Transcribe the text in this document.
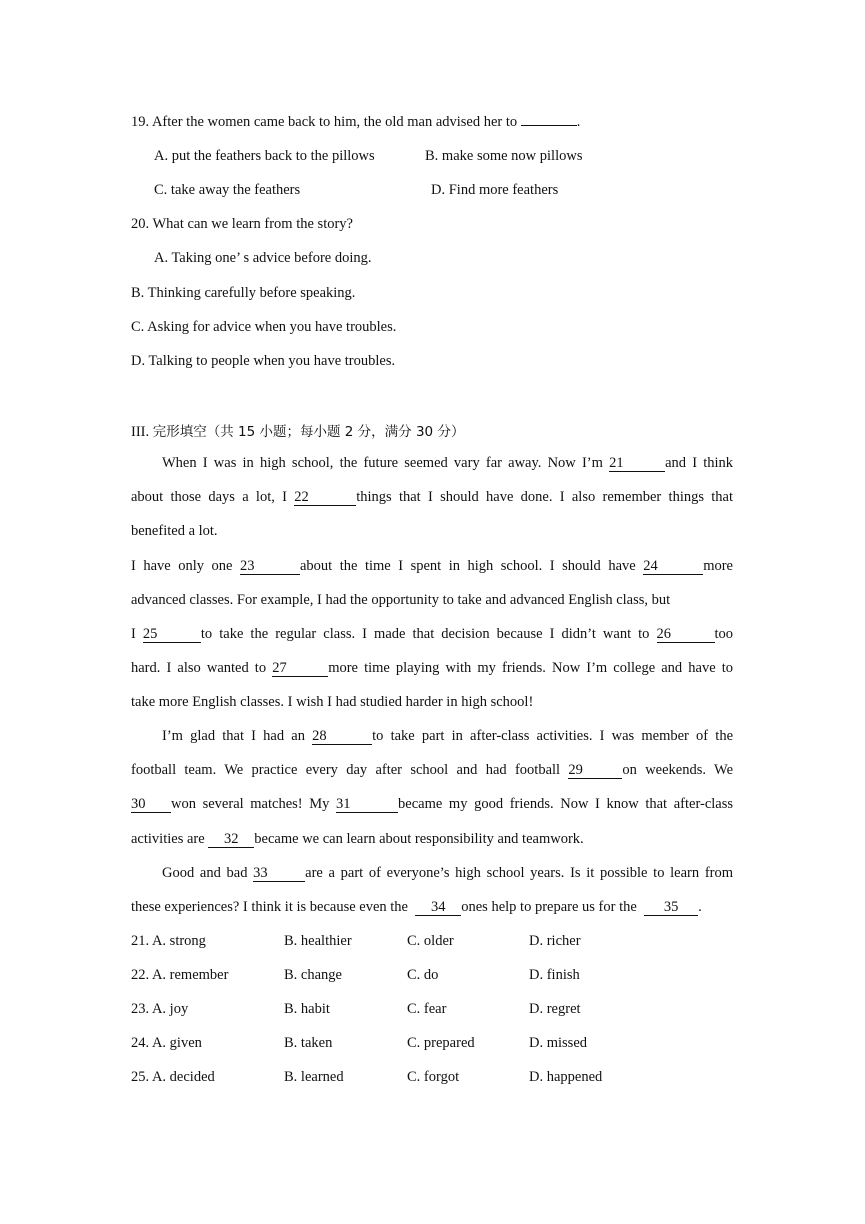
19. After the women came back to him, the old man advised her to	.
A. put the feathers back to the pillows	B. make some now pillows
C. take away the feathers	D. Find more feathers
20. What can we learn from the story?
A. Taking one’ s advice before doing.
B. Thinking carefully before speaking.
C. Asking for advice when you have troubles.
D. Talking to people when you have troubles.
III. 完形填空（共 15 小题；每小题 2 分，满分 30 分）
When I was in high school, the future seemed vary far away. Now I’m 21	and I think
about those days a lot, I 22	things that I should have done. I also remember things that
benefited a lot.
I have only one 23	about the time I spent in high school. I should have 24	more
advanced classes. For example, I had the opportunity to take and advanced English class, but
I 25	to take the regular class. I made that decision because I didn’t want to 26	too
hard. I also wanted to 27	more time playing with my friends. Now I’m college and have to
take more English classes. I wish I had studied harder in high school!
I’m glad that I had an 28	to take part in after-class activities. I was member of the
football team. We practice every day after school and had football 29	on weekends. We
30 won several matches! My 31	became my good friends. Now I know that after-class
activities are 32 became we can learn about responsibility and teamwork.
Good and bad 33	are a part of everyone’s high school years. Is it possible to learn from
these experiences? I think it is because even the 34 ones help to prepare us for the 35 .
21. A. strong	B. healthier	C. older	D. richer
22. A. remember	B. change	C. do	D. finish
23. A. joy	B. habit	C. fear	D. regret
24. A. given	B. taken	C. prepared	D. missed
25. A. decided	B. learned	C. forgot	D. happened
